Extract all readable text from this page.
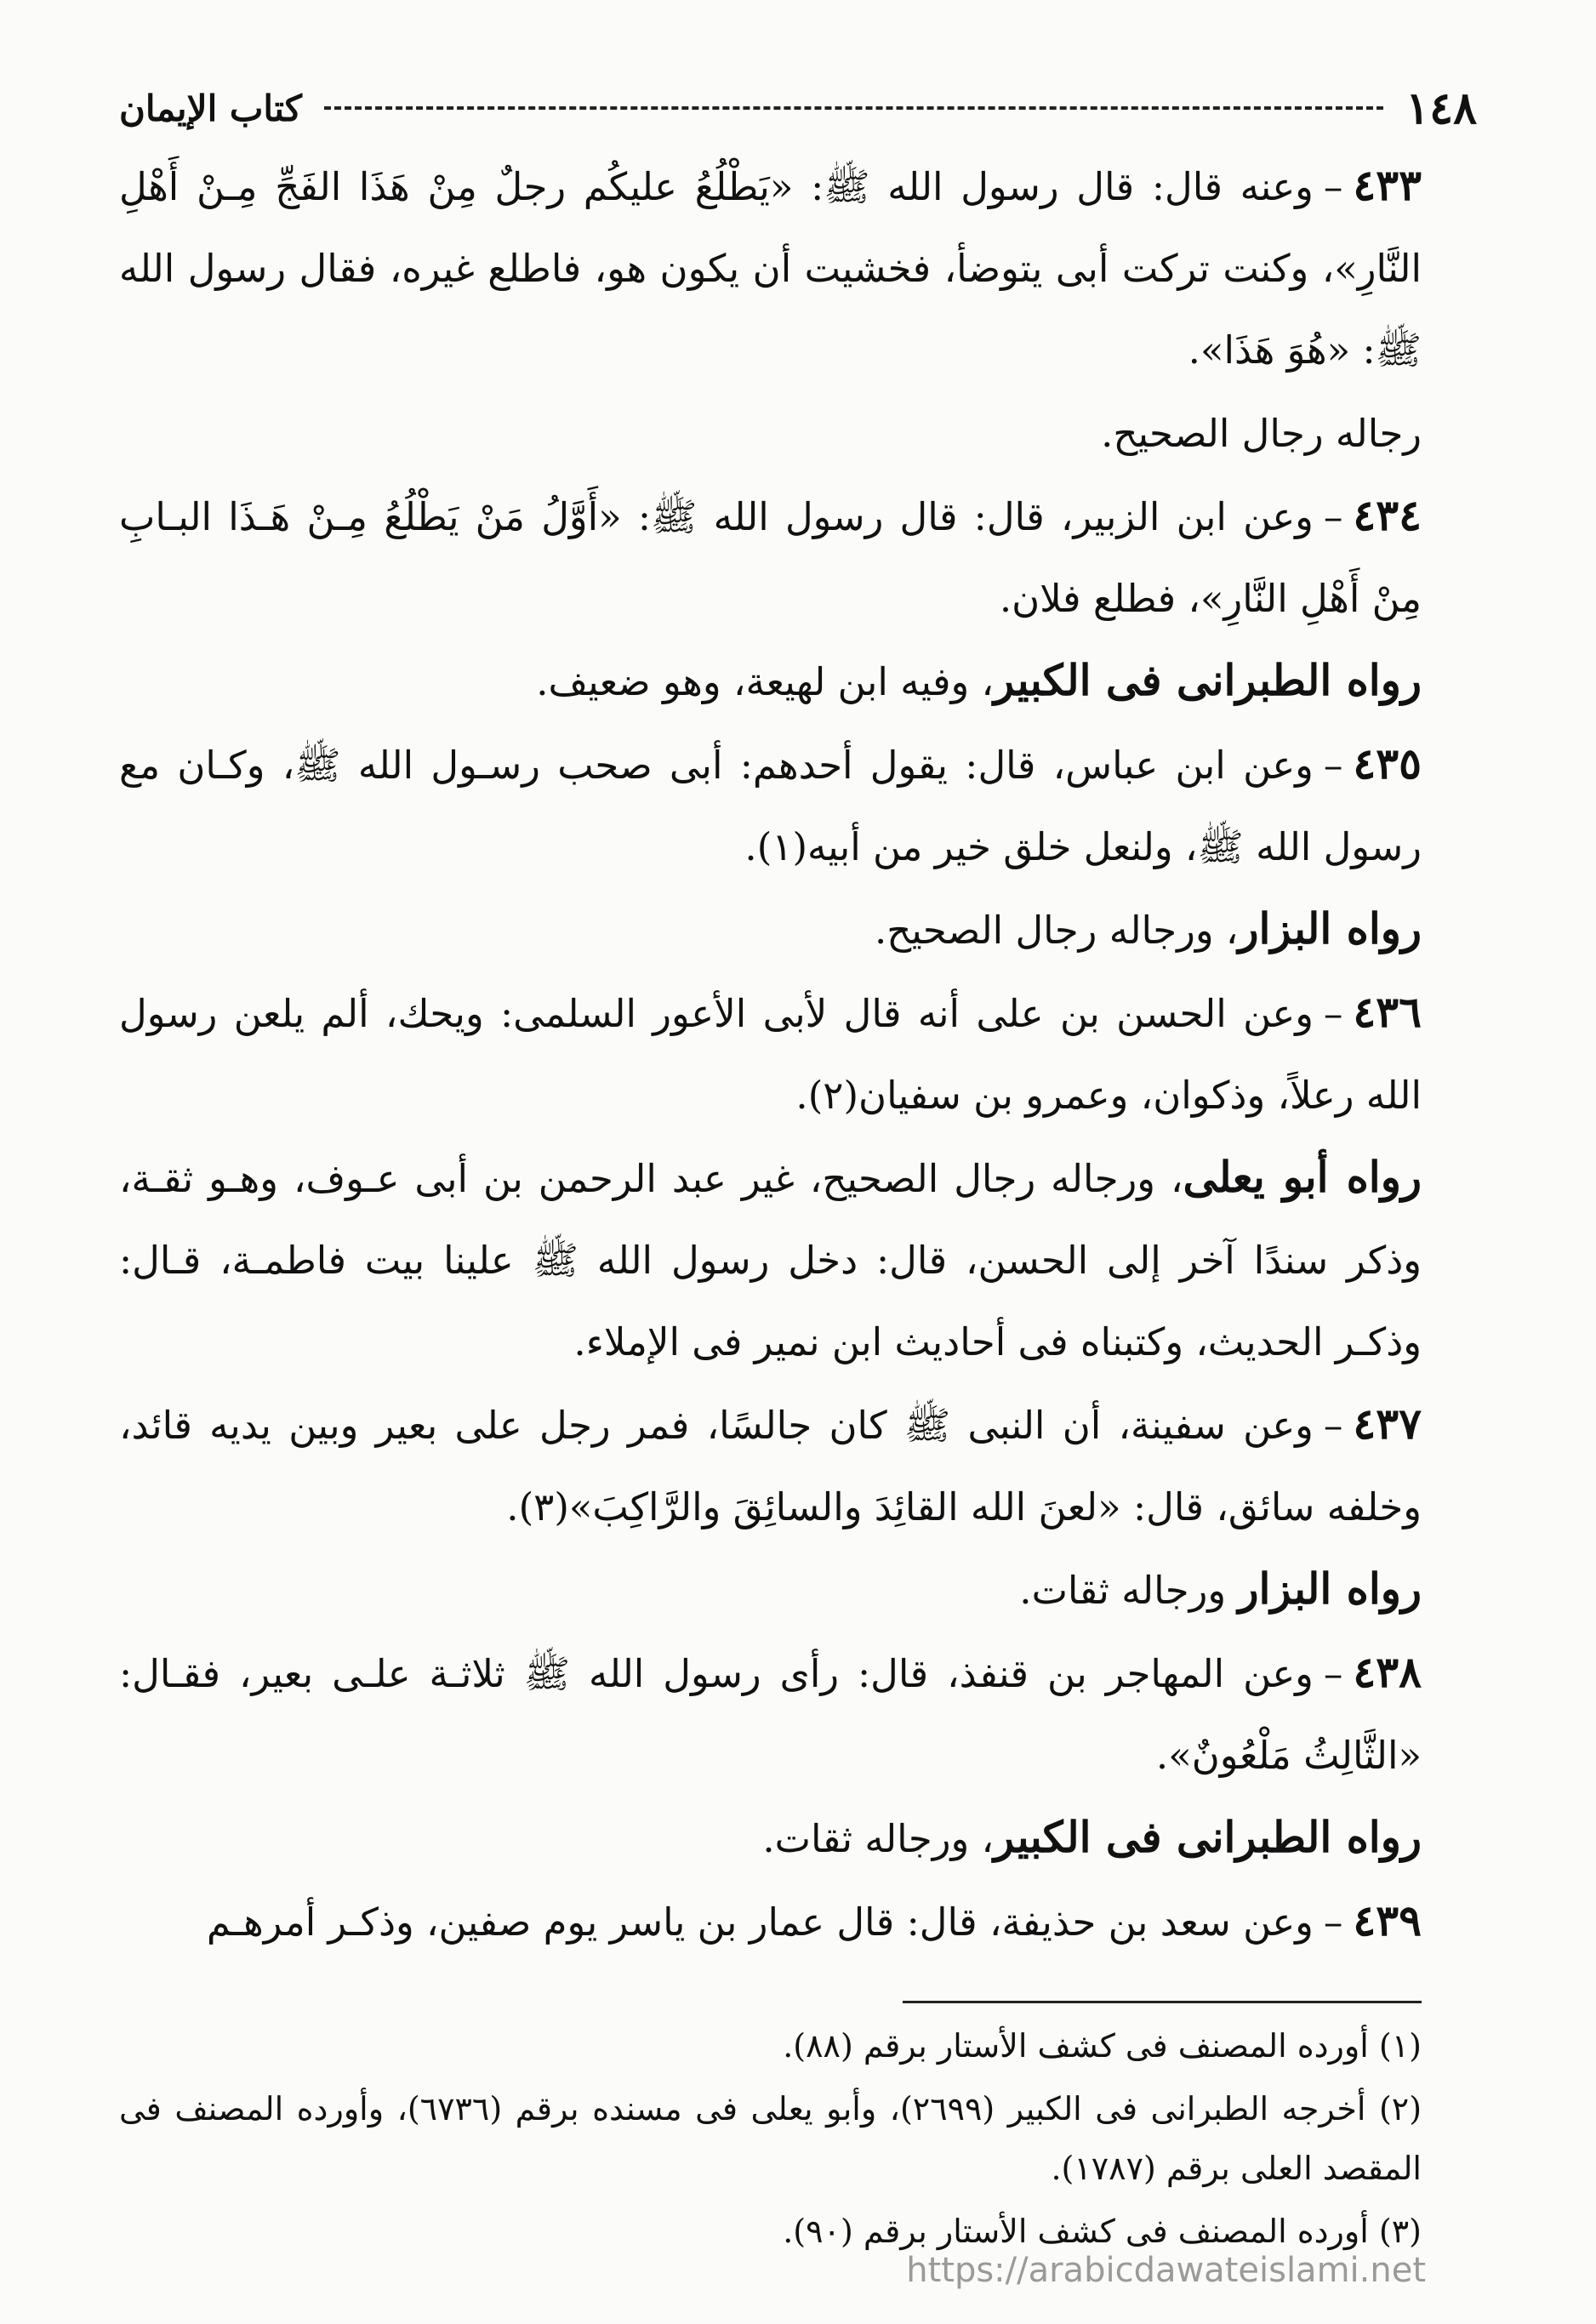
١٤٨
كتاب الإيمان

٤٣٣–وعنه قال: قال رسول الله ﷺ: «يَطْلُعُ عليكُم رجلٌ مِنْ هَذَا الفَجِّ مِـنْ أَهْلِ النَّارِ»، وكنت تركت أبى يتوضأ، فخشيت أن يكون هو، فاطلع غيره، فقال رسول الله ﷺ: «هُوَ هَذَا».

رجاله رجال الصحيح.

٤٣٤–وعن ابن الزبير، قال: قال رسول الله ﷺ: «أَوَّلُ مَنْ يَطْلُعُ مِـنْ هَـذَا البـابِ مِنْ أَهْلِ النَّارِ»، فطلع فلان.

رواه الطبرانى فى الكبير، وفيه ابن لهيعة، وهو ضعيف.

٤٣٥–وعن ابن عباس، قال: يقول أحدهم: أبى صحب رسـول الله ﷺ، وكـان مع رسول الله ﷺ، ولنعل خلق خير من أبيه(١).

رواه البزار، ورجاله رجال الصحيح.

٤٣٦–وعن الحسن بن على أنه قال لأبى الأعور السلمى: ويحك، ألم يلعن رسول الله رعلاً، وذكوان، وعمرو بن سفيان(٢).

رواه أبو يعلى، ورجاله رجال الصحيح، غير عبد الرحمن بن أبى عـوف، وهـو ثقـة، وذكر سندًا آخر إلى الحسن، قال: دخل رسول الله ﷺ علينا بيت فاطمـة، قـال: وذكـر الحديث، وكتبناه فى أحاديث ابن نمير فى الإملاء.

٤٣٧–وعن سفينة، أن النبى ﷺ كان جالسًا، فمر رجل على بعير وبين يديه قائد، وخلفه سائق، قال: «لعنَ الله القائِدَ والسائِقَ والرَّاكِبَ»(٣).

رواه البزار ورجاله ثقات.

٤٣٨–وعن المهاجر بن قنفذ، قال: رأى رسول الله ﷺ ثلاثـة علـى بعير، فقـال: «الثَّالِثُ مَلْعُونٌ».

رواه الطبرانى فى الكبير، ورجاله ثقات.

٤٣٩–وعن سعد بن حذيفة، قال: قال عمار بن ياسر يوم صفين، وذكـر أمرهـم

(١) أورده المصنف فى كشف الأستار برقم (٨٨).

(٢) أخرجه الطبرانى فى الكبير (٢٦٩٩)، وأبو يعلى فى مسنده برقم (٦٧٣٦)، وأورده المصنف فى المقصد العلى برقم (١٧٨٧).

(٣) أورده المصنف فى كشف الأستار برقم (٩٠).

https://arabicdawateislami.net
